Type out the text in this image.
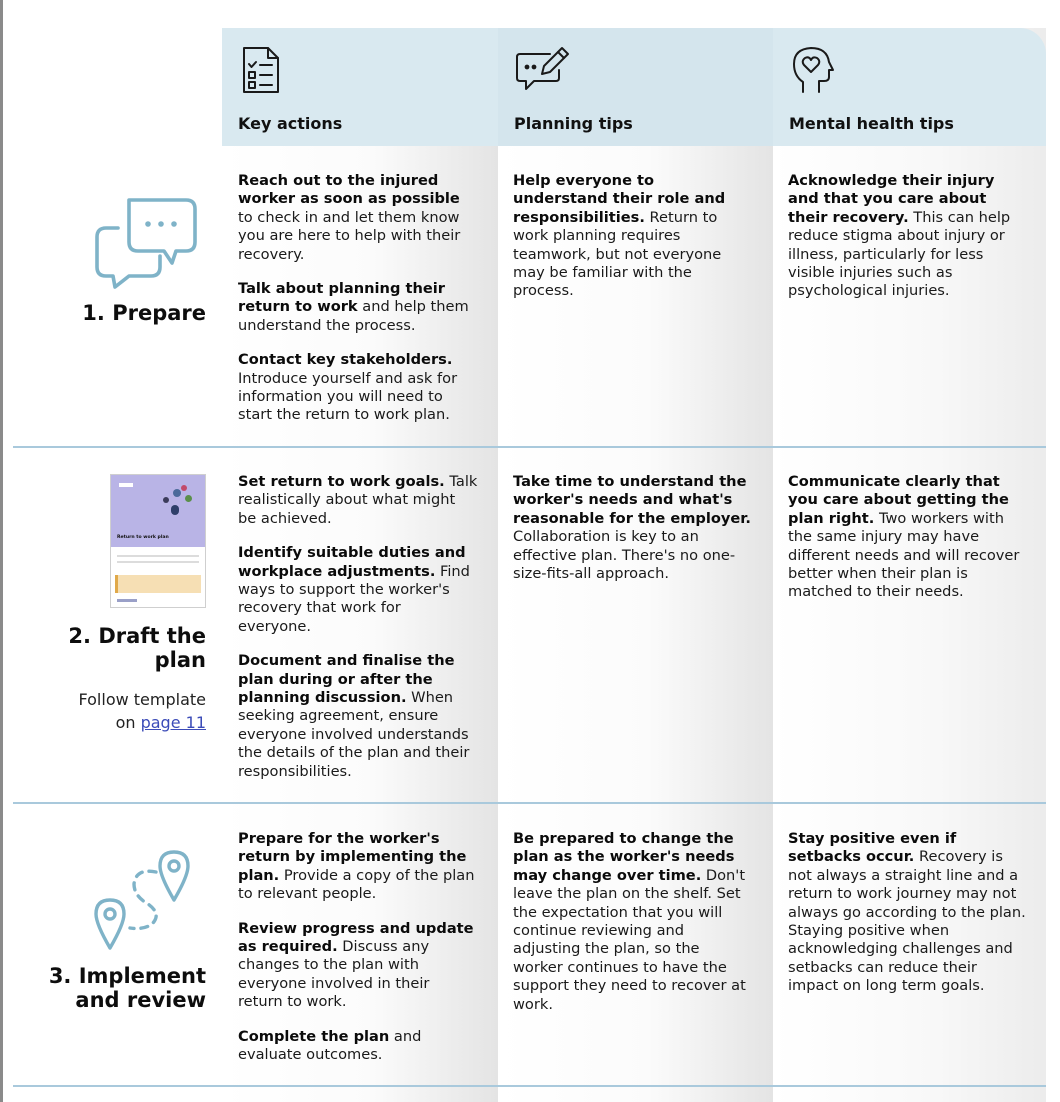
Key actions	Planning tips	Mental health tips
1. Prepare

Reach out to the injured worker as soon as possible to check in and let them know you are here to help with their recovery.

Talk about planning their return to work and help them understand the process.

Contact key stakeholders. Introduce yourself and ask for information you will need to start the return to work plan.

Help everyone to understand their role and responsibilities. Return to work planning requires teamwork, but not everyone may be familiar with the process.

Acknowledge their injury and that you care about their recovery. This can help reduce stigma about injury or illness, particularly for less visible injuries such as psychological injuries.

Return to work plan
2. Draft the
plan
Follow template
on page 11

Set return to work goals. Talk realistically about what might be achieved.

Identify suitable duties and workplace adjustments. Find ways to support the worker's recovery that work for everyone.

Document and finalise the plan during or after the planning discussion. When seeking agreement, ensure everyone involved understands the details of the plan and their responsibilities.

Take time to understand the worker's needs and what's reasonable for the employer. Collaboration is key to an effective plan. There's no one-size-fits-all approach.

Communicate clearly that you care about getting the plan right. Two workers with the same injury may have different needs and will recover better when their plan is matched to their needs.

3. Implement
and review

Prepare for the worker's return by implementing the plan. Provide a copy of the plan to relevant people.

Review progress and update as required. Discuss any changes to the plan with everyone involved in their return to work.

Complete the plan and evaluate outcomes.

Be prepared to change the plan as the worker's needs may change over time. Don't leave the plan on the shelf. Set the expectation that you will continue reviewing and adjusting the plan, so the worker continues to have the support they need to recover at work.

Stay positive even if setbacks occur. Recovery is not always a straight line and a return to work journey may not always go according to the plan. Staying positive when acknowledging challenges and setbacks can reduce their impact on long term goals.
